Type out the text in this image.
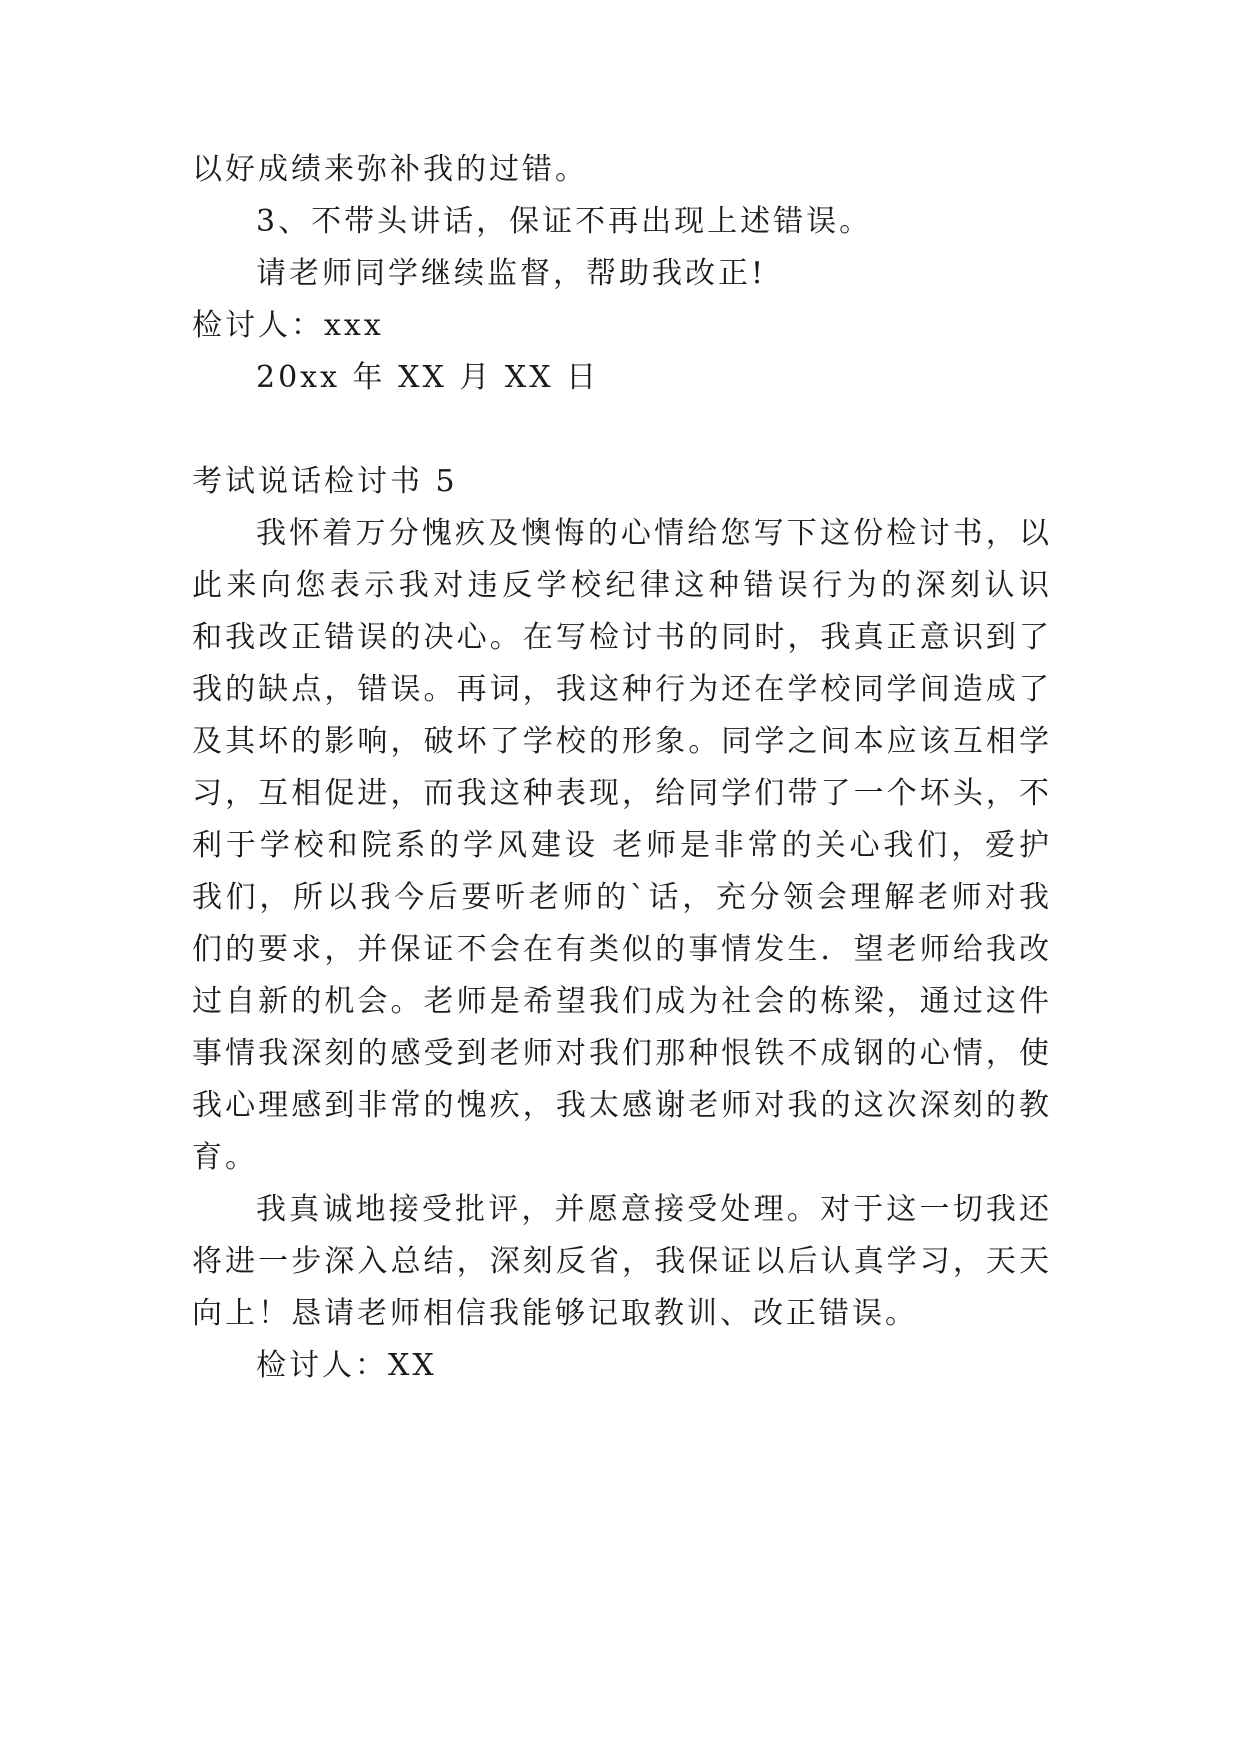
以好成绩来弥补我的过错。
3、不带头讲话，保证不再出现上述错误。
请老师同学继续监督，帮助我改正!
检讨人：xxx
20xx 年 XX 月 XX 日
考试说话检讨书 5
我怀着万分愧疚及懊悔的心情给您写下这份检讨书，以
此来向您表示我对违反学校纪律这种错误行为的深刻认识
和我改正错误的决心。在写检讨书的同时，我真正意识到了
我的缺点，错误。再词，我这种行为还在学校同学间造成了
及其坏的影响，破坏了学校的形象。同学之间本应该互相学
习，互相促进，而我这种表现，给同学们带了一个坏头，不
利于学校和院系的学风建设 老师是非常的关心我们，爱护
我们，所以我今后要听老师的`话，充分领会理解老师对我
们的要求，并保证不会在有类似的事情发生．望老师给我改
过自新的机会。老师是希望我们成为社会的栋梁，通过这件
事情我深刻的感受到老师对我们那种恨铁不成钢的心情，使
我心理感到非常的愧疚，我太感谢老师对我的这次深刻的教
育。
我真诚地接受批评，并愿意接受处理。对于这一切我还
将进一步深入总结，深刻反省，我保证以后认真学习，天天
向上！恳请老师相信我能够记取教训、改正错误。
检讨人：XX
